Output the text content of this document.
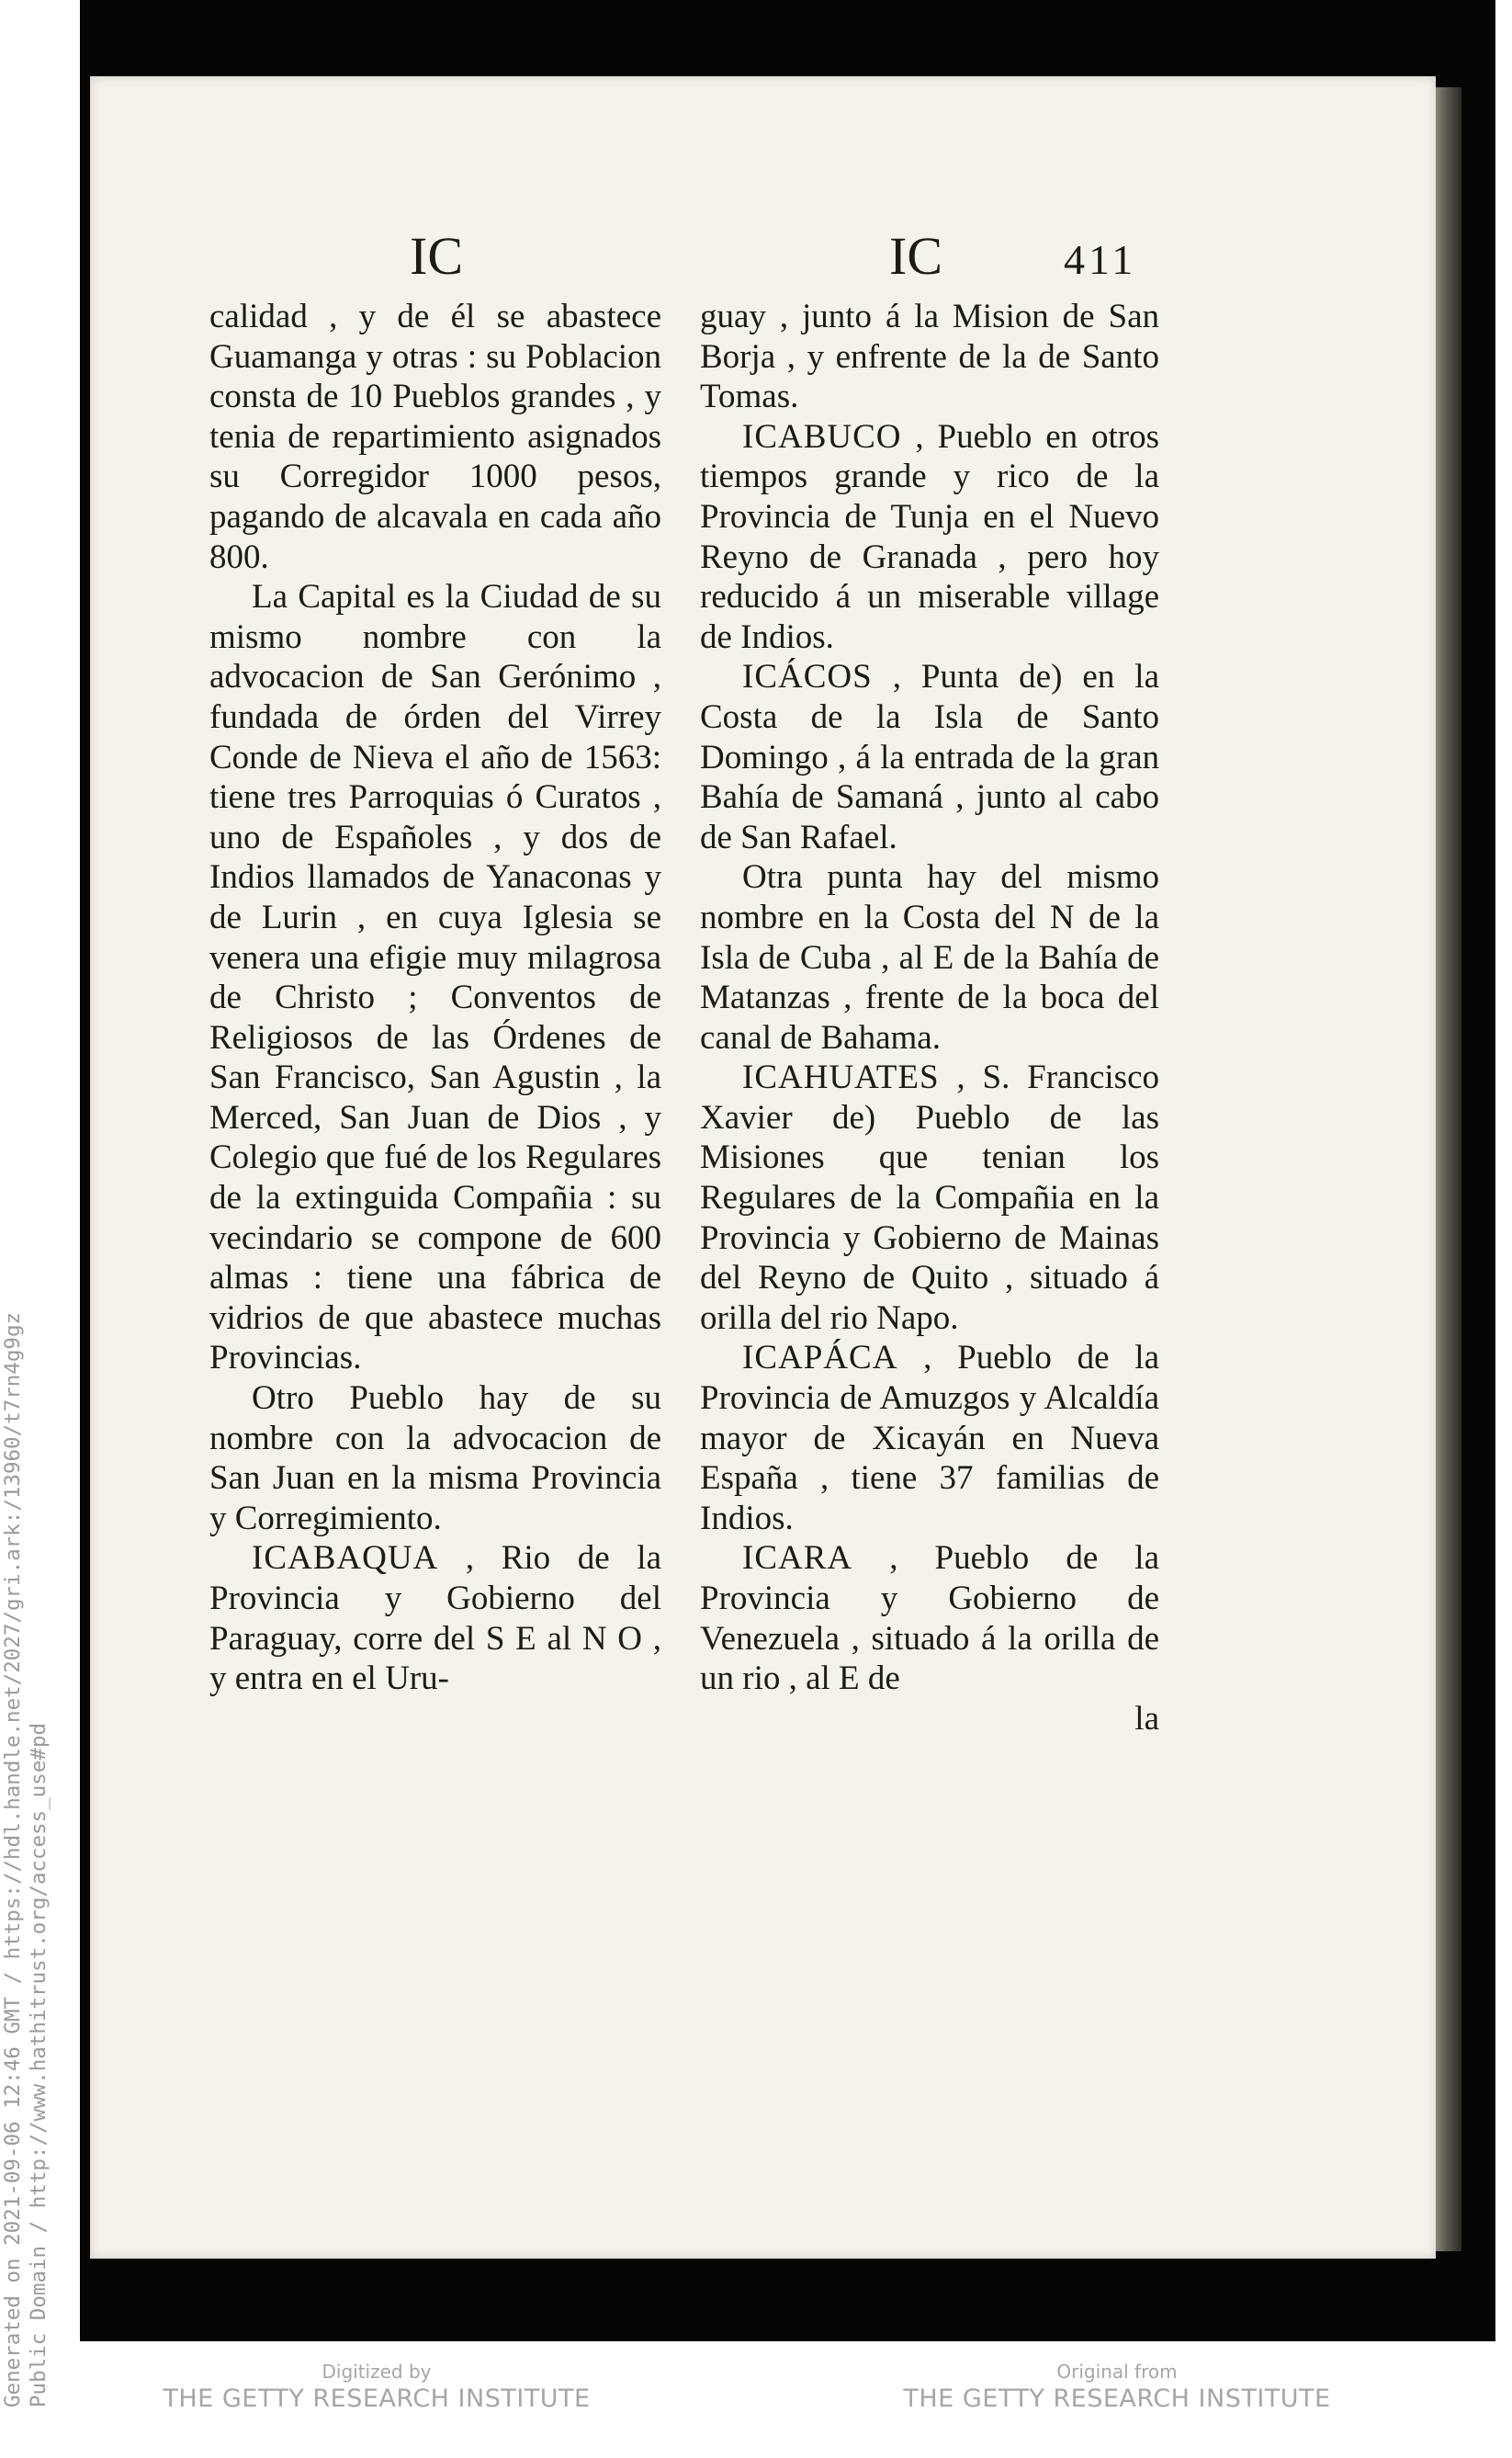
IC	IC	411

calidad , y de él se abastece Guamanga y otras : su Poblacion consta de 10 Pueblos grandes , y tenia de repartimiento asignados su Corregidor 1000 pesos, pagando de alcavala en cada año 800.

La Capital es la Ciudad de su mismo nombre con la advocacion de San Gerónimo , fundada de órden del Virrey Conde de Nieva el año de 1563: tiene tres Parroquias ó Curatos , uno de Españoles , y dos de Indios llamados de Yanaconas y de Lurin , en cuya Iglesia se venera una efigie muy milagrosa de Christo ; Conventos de Religiosos de las Órdenes de San Francisco, San Agustin , la Merced, San Juan de Dios , y Colegio que fué de los Regulares de la extinguida Compañia : su vecindario se compone de 600 almas : tiene una fábrica de vidrios de que abastece muchas Provincias.

Otro Pueblo hay de su nombre con la advocacion de San Juan en la misma Provincia y Corregimiento.

ICABAQUA , Rio de la Provincia y Gobierno del Paraguay, corre del S E al N O , y entra en el Uru-

guay , junto á la Mision de San Borja , y enfrente de la de Santo Tomas.

ICABUCO , Pueblo en otros tiempos grande y rico de la Provincia de Tunja en el Nuevo Reyno de Granada , pero hoy reducido á un miserable village de Indios.

ICÁCOS , Punta de) en la Costa de la Isla de Santo Domingo , á la entrada de la gran Bahía de Samaná , junto al cabo de San Rafael.

Otra punta hay del mismo nombre en la Costa del N de la Isla de Cuba , al E de la Bahía de Matanzas , frente de la boca del canal de Bahama.

ICAHUATES , S. Francisco Xavier de) Pueblo de las Misiones que tenian los Regulares de la Compañia en la Provincia y Gobierno de Mainas del Reyno de Quito , situado á orilla del rio Napo.

ICAPÁCA , Pueblo de la Provincia de Amuzgos y Alcaldía mayor de Xicayán en Nueva España , tiene 37 familias de Indios.

ICARA , Pueblo de la Provincia y Gobierno de Venezuela , situado á la orilla de un rio , al E de

la

Generated on 2021-09-06 12:46 GMT / https://hdl.handle.net/2027/gri.ark:/13960/t7rn4g9gz Public Domain / http://www.hathitrust.org/access_use#pd	Digitized by
THE GETTY RESEARCH INSTITUTE
Original from
THE GETTY RESEARCH INSTITUTE
